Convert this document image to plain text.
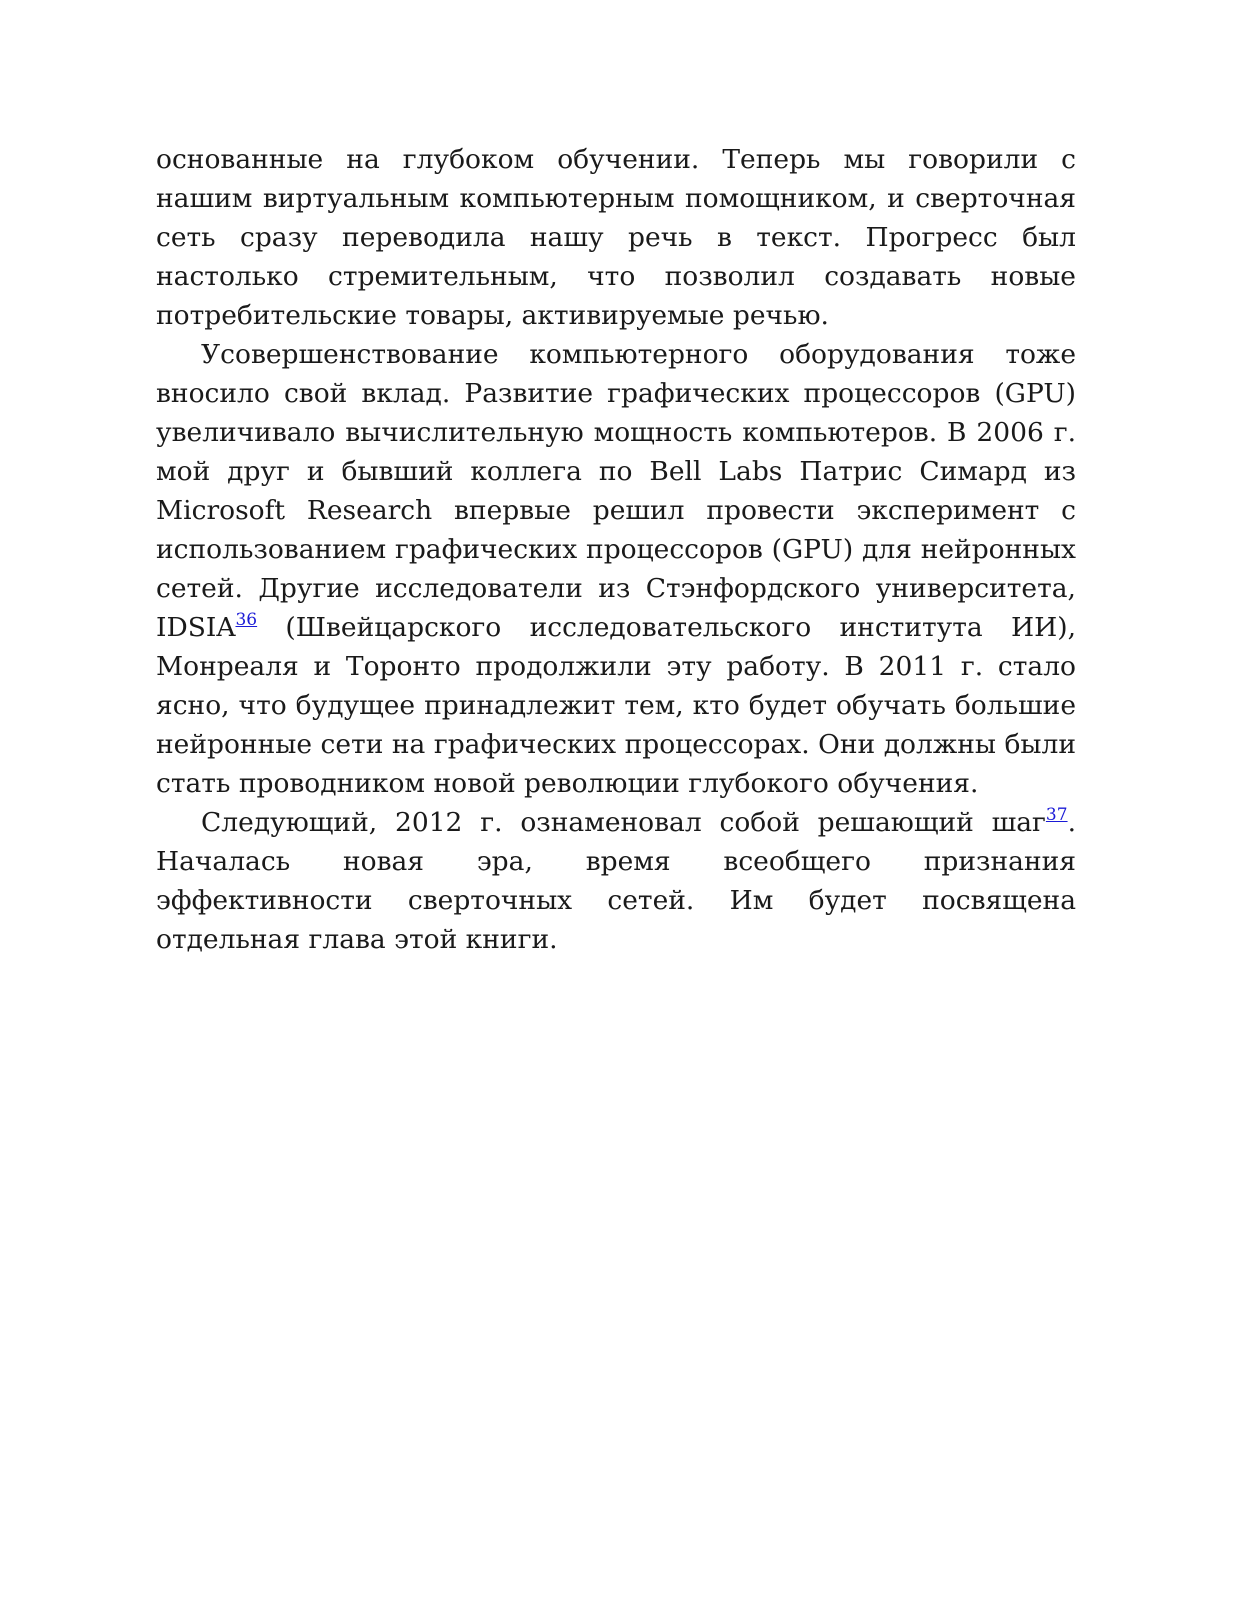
основанные на глубоком обучении. Теперь мы говорили с нашим виртуальным компьютерным помощником, и сверточная сеть сразу переводила нашу речь в текст. Прогресс был настолько стремительным, что позволил создавать новые потребительские товары, активируемые речью.

Усовершенствование компьютерного оборудования тоже вносило свой вклад. Развитие графических процессоров (GPU) увеличивало вычислительную мощность компьютеров. В 2006 г. мой друг и бывший коллега по Bell Labs Патрис Симард из Microsoft Research впервые решил провести эксперимент с использованием графических процессоров (GPU) для нейронных сетей. Другие исследователи из Стэнфордского университета, IDSIA$^{36}$ (Швейцарского исследовательского института ИИ), Монреаля и Торонто продолжили эту работу. В 2011 г. стало ясно, что будущее принадлежит тем, кто будет обучать большие нейронные сети на графических процессорах. Они должны были стать проводником новой революции глубокого обучения.

Следующий, 2012 г. ознаменовал собой решающий шаг$^{37}$. Началась новая эра, время всеобщего признания эффективности сверточных сетей. Им будет посвящена отдельная глава этой книги.
